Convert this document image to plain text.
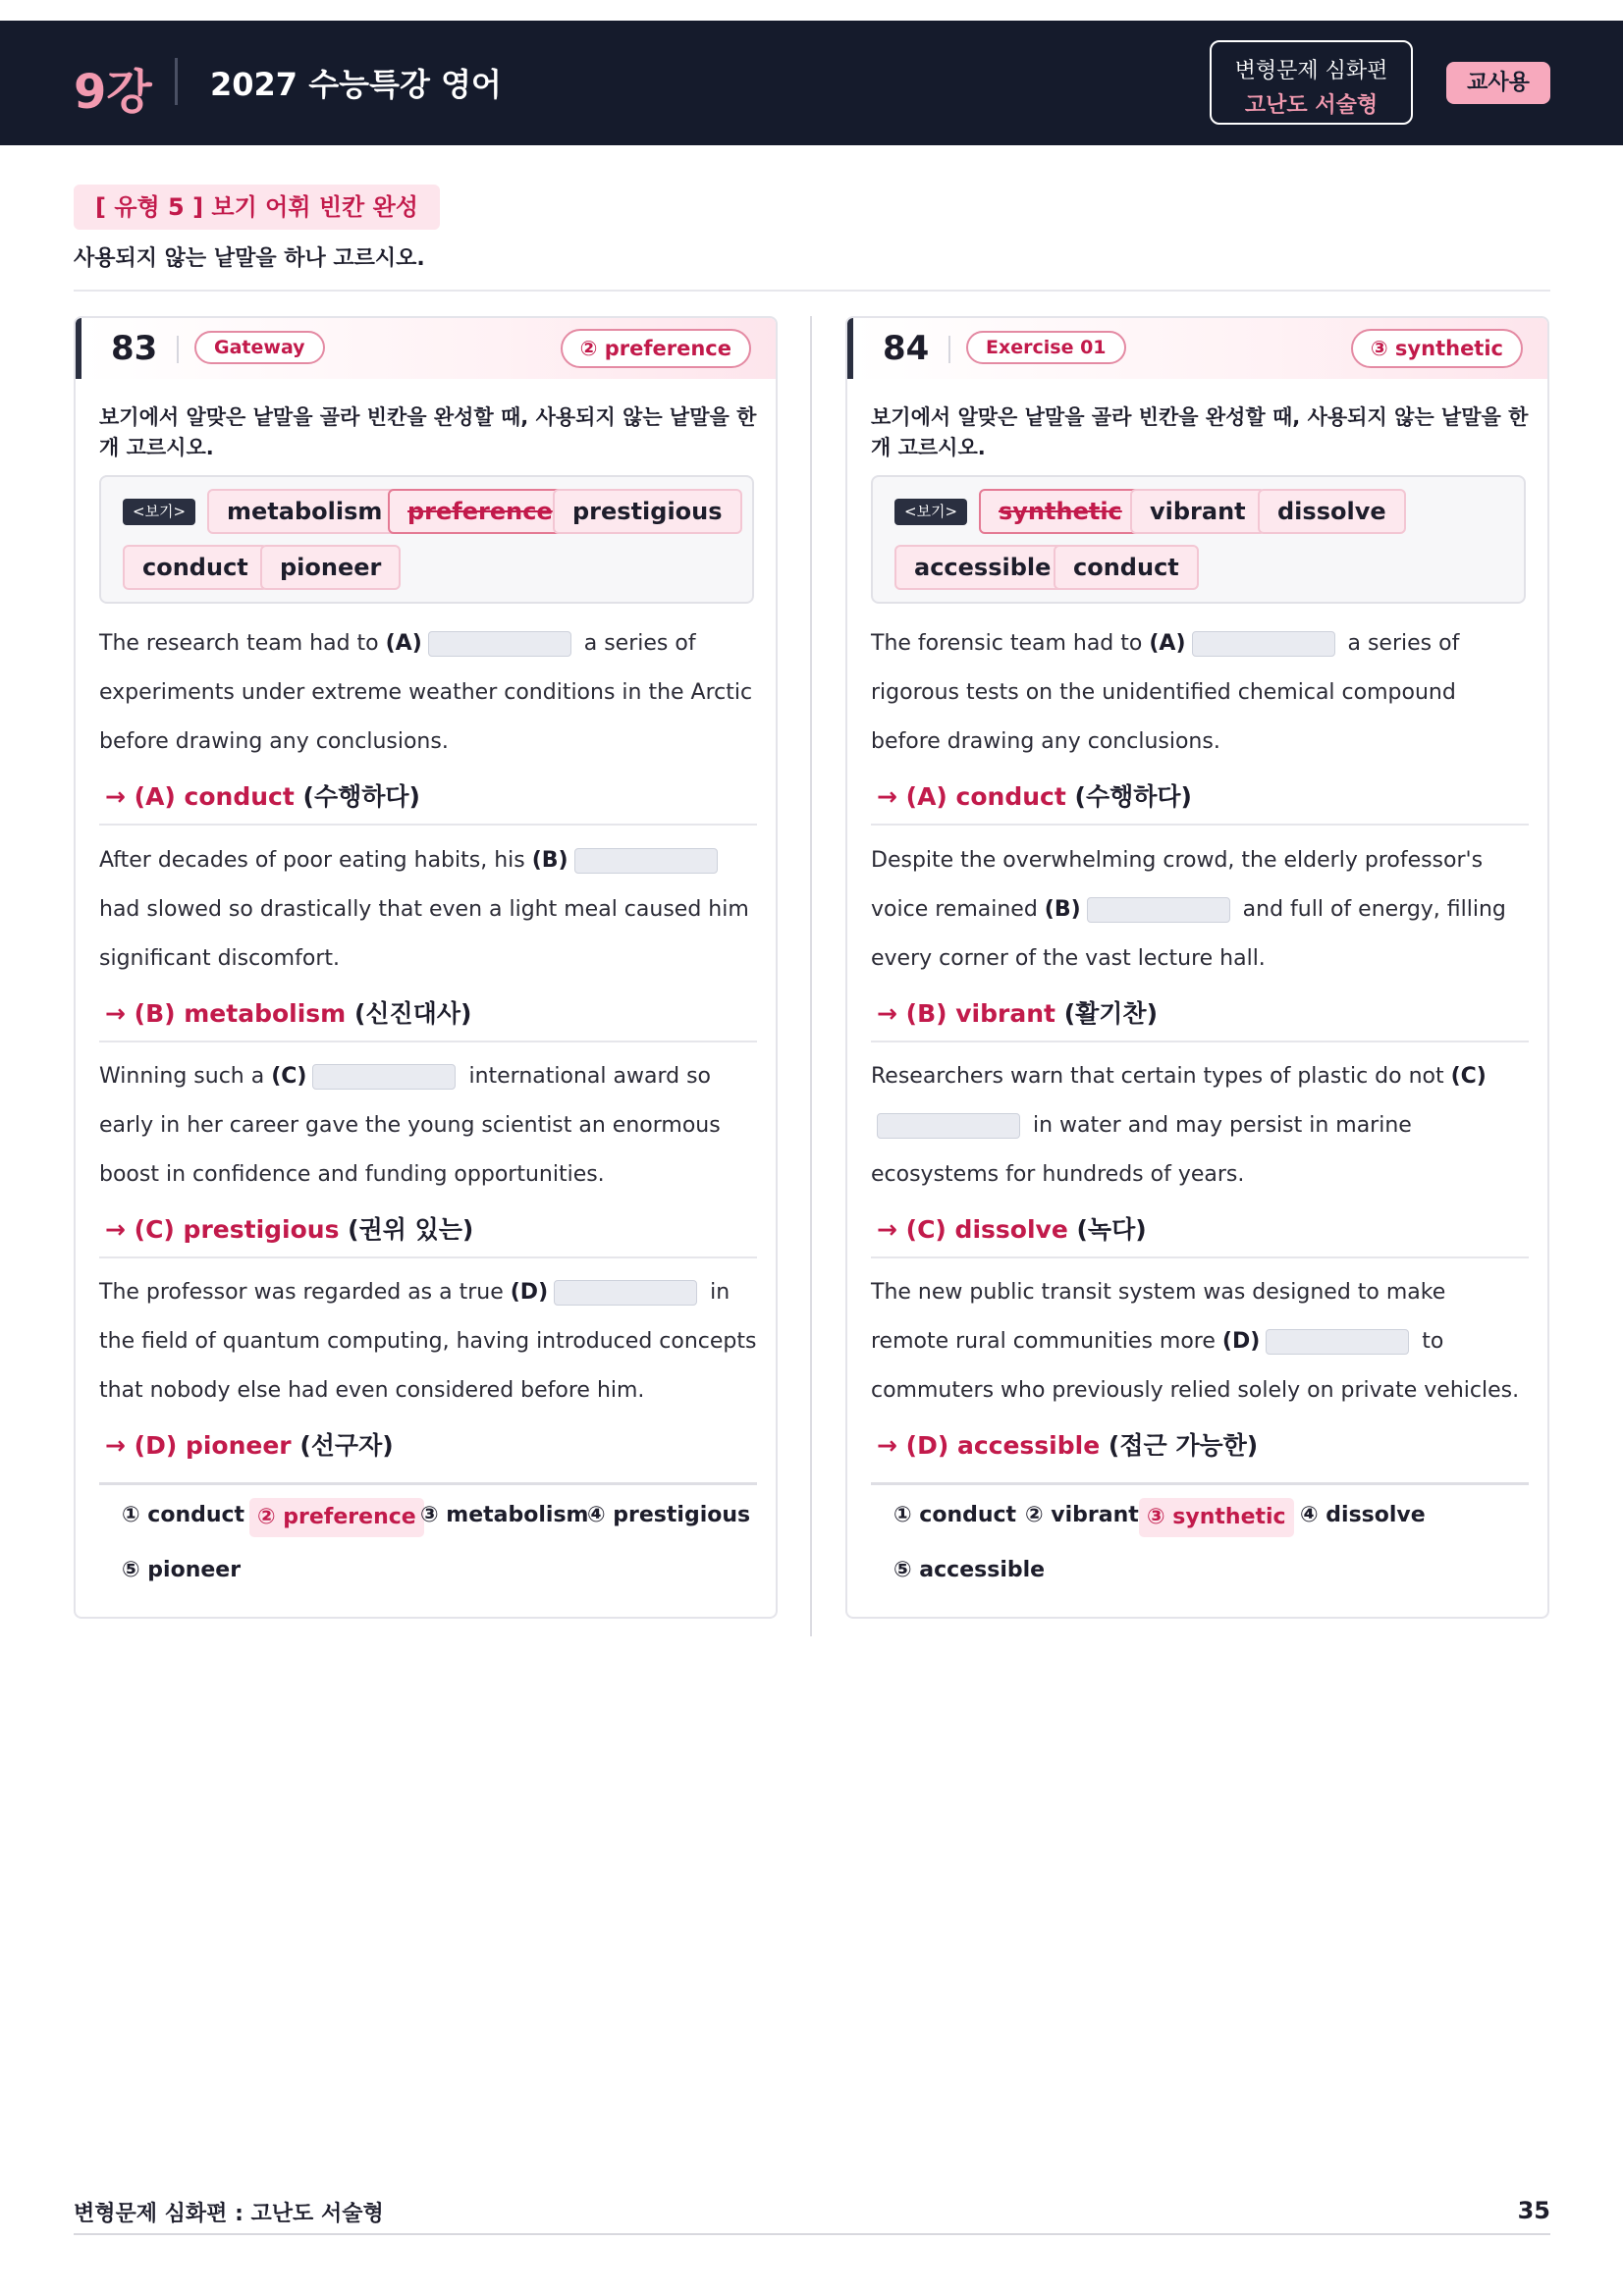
9강 2027 수능특강 영어	변형문제 심화편
고난도 서술형
교사용
[ 유형 5 ] 보기 어휘 빈칸 완성
사용되지 않는 낱말을 하나 고르시오.
83	Gateway	② preference
보기에서 알맞은 낱말을 골라 빈칸을 완성할 때, 사용되지 않는 낱말을 한 개 고르시오.
<보기>	metabolism	preference prestigious
conduct	pioneer
The research team had to (A)	a series of experiments under extreme weather conditions in the Arctic before drawing any conclusions.
→ (A) conduct (수행하다)
After decades of poor eating habits, his (B) had slowed so drastically that even a light meal caused him significant discomfort.
→ (B) metabolism (신진대사)
Winning such a (C)	international award so early in her career gave the young scientist an enormous boost in confidence and funding opportunities.
→ (C) prestigious (권위 있는)
The professor was regarded as a true (D)	in the field of quantum computing, having introduced concepts that nobody else had even considered before him.
→ (D) pioneer (선구자)
① conduct ② preference ③ metabolism
④ prestigious
⑤ pioneer
84	Exercise 01	③ synthetic
보기에서 알맞은 낱말을 골라 빈칸을 완성할 때, 사용되지 않는 낱말을 한 개 고르시오.
<보기>	synthetic	vibrant	dissolve
accessible conduct
The forensic team had to (A)	a series of rigorous tests on the unidentified chemical compound before drawing any conclusions.
→ (A) conduct (수행하다)
Despite the overwhelming crowd, the elderly professor's voice remained (B)	and full of energy, filling every corner of the vast lecture hall.
→ (B) vibrant (활기찬)
Researchers warn that certain types of plastic do not (C) in water and may persist in marine ecosystems for hundreds of years.
→ (C) dissolve (녹다)
The new public transit system was designed to make remote rural communities more (D)	to commuters who previously relied solely on private vehicles.
→ (D) accessible (접근 가능한)
① conduct ② vibrant ③ synthetic ④ dissolve
⑤ accessible
변형문제 심화편 : 고난도 서술형	35
